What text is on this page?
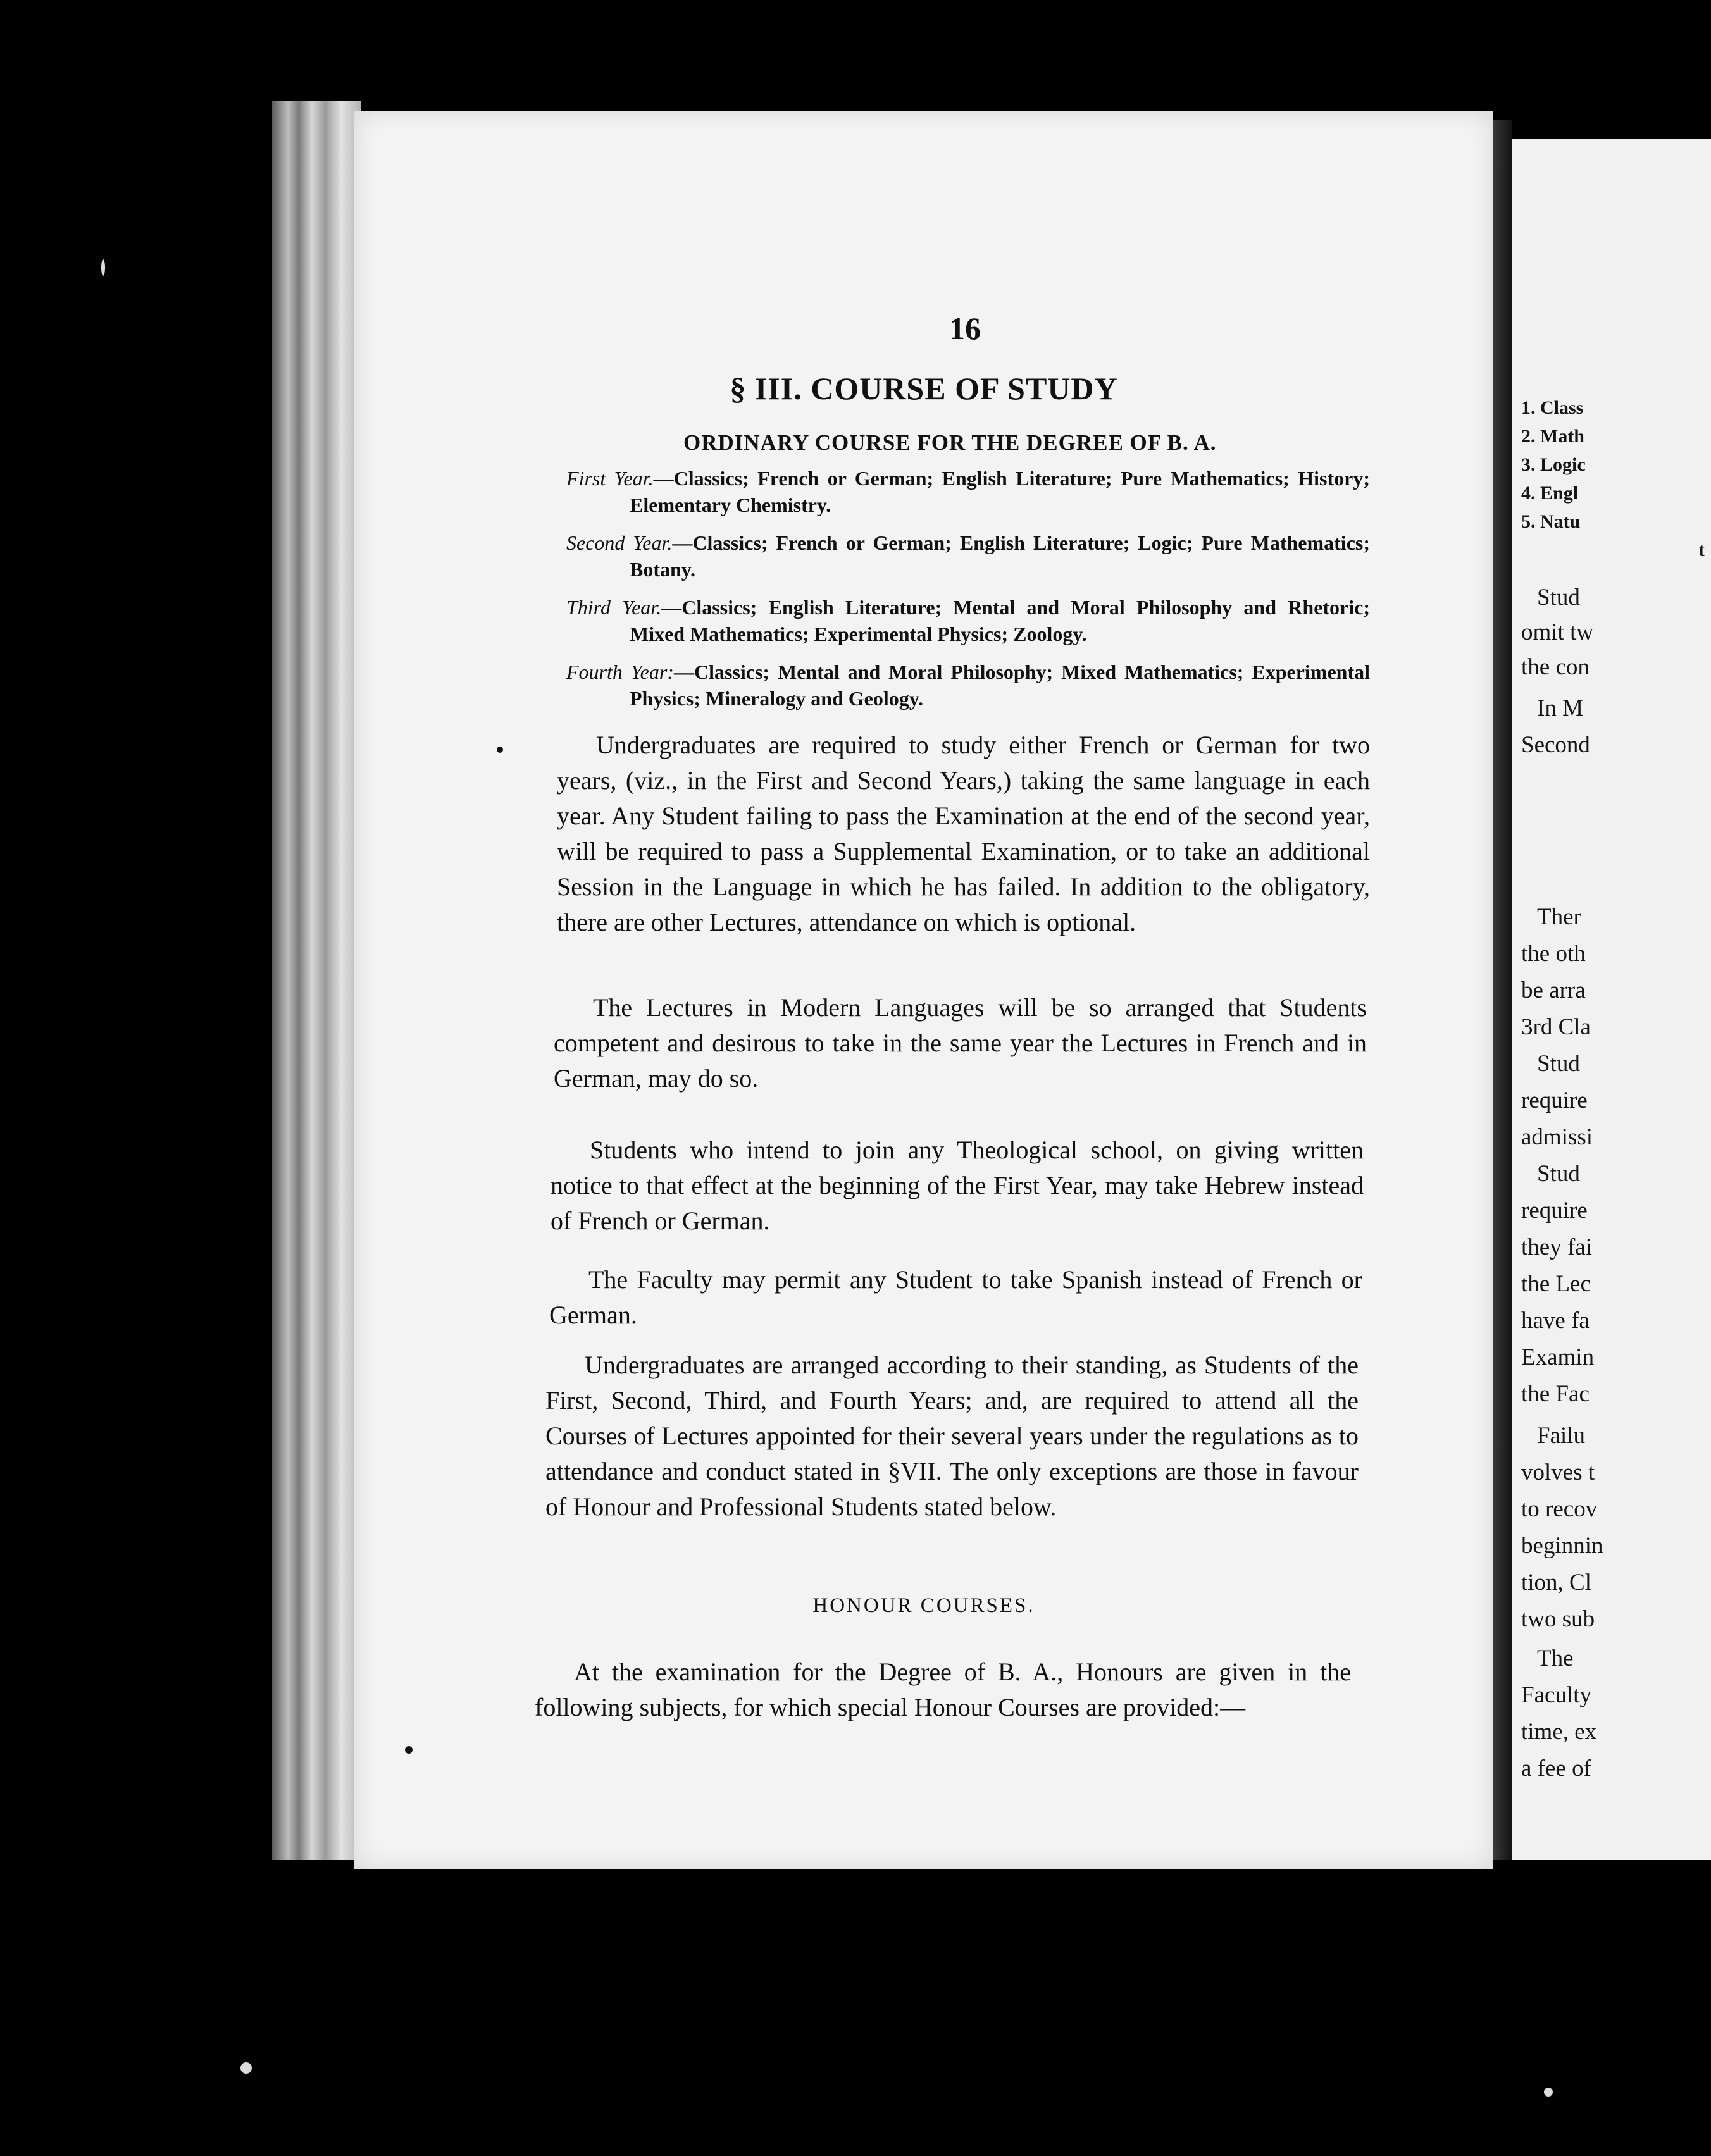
1. Class
2. Math
3. Logic
4. Engl
5. Natu
t
Stud
omit tw
the con
In M
Second
Ther
the oth
be arra
3rd Cla
Stud
require
admissi
Stud
require
they fai
the Lec
have fa
Examin
the Fac
Failu
volves t
to recov
beginnin
tion, Cl
two sub
The
Faculty
time, ex
a fee of
16
§ III. COURSE OF STUDY
ORDINARY COURSE FOR THE DEGREE OF B. A.
First Year.—Classics; French or German; English Literature; Pure Mathematics; History; Elementary Chemistry.
Second Year.—Classics; French or German; English Literature; Logic; Pure Mathematics; Botany.
Third Year.—Classics; English Literature; Mental and Moral Philosophy and Rhetoric; Mixed Mathematics; Experimental Physics; Zoology.
Fourth Year:—Classics; Mental and Moral Philosophy; Mixed Mathematics; Experimental Physics; Mineralogy and Geology.
Undergraduates are required to study either French or German for two years, (viz., in the First and Second Years,) taking the same language in each year. Any Student failing to pass the Examination at the end of the second year, will be required to pass a Supplemental Examination, or to take an additional Session in the Language in which he has failed. In addition to the obligatory, there are other Lectures, attendance on which is optional.
The Lectures in Modern Languages will be so arranged that Students competent and desirous to take in the same year the Lectures in French and in German, may do so.
Students who intend to join any Theological school, on giving written notice to that effect at the beginning of the First Year, may take Hebrew instead of French or German.
The Faculty may permit any Student to take Spanish instead of French or German.
Undergraduates are arranged according to their standing, as Students of the First, Second, Third, and Fourth Years; and, are required to attend all the Courses of Lectures appointed for their several years under the regulations as to attendance and conduct stated in §VII. The only exceptions are those in favour of Honour and Professional Students stated below.
HONOUR COURSES.
At the examination for the Degree of B. A., Honours are given in the following subjects, for which special Honour Courses are provided:—
